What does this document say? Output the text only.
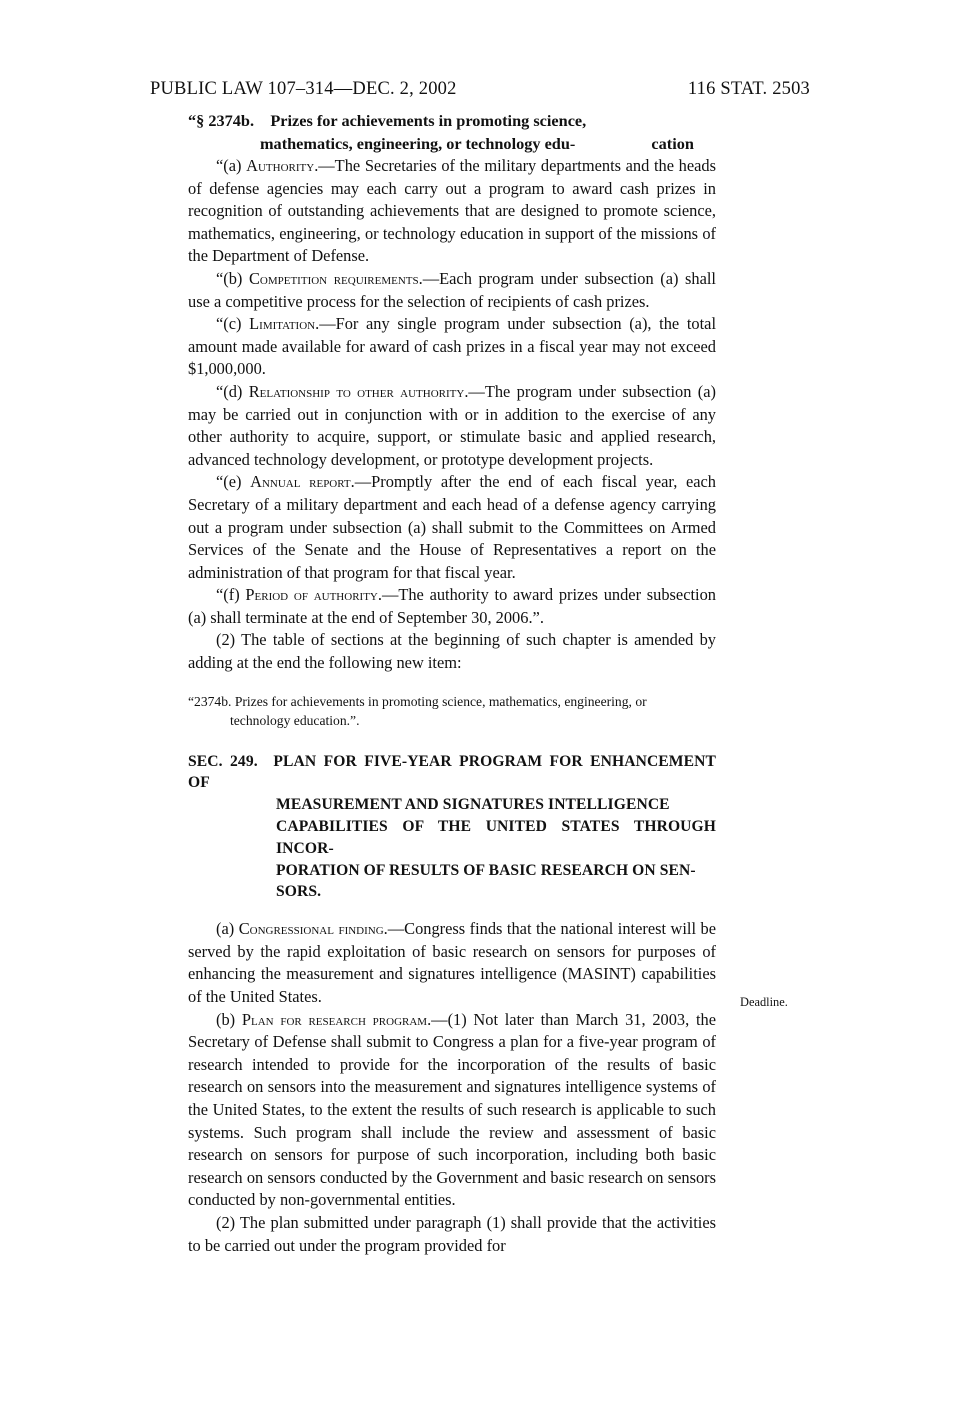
PUBLIC LAW 107–314—DEC. 2, 2002	116 STAT. 2503
“§ 2374b. Prizes for achievements in promoting science,
mathematics, engineering, or technology edu-	cation

“(a) Authority.—The Secretaries of the military departments and the heads of defense agencies may each carry out a program to award cash prizes in recognition of outstanding achievements that are designed to promote science, mathematics, engineering, or technology education in support of the missions of the Department of Defense.

“(b) Competition requirements.—Each program under subsection (a) shall use a competitive process for the selection of recipients of cash prizes.

“(c) Limitation.—For any single program under subsection (a), the total amount made available for award of cash prizes in a fiscal year may not exceed $1,000,000.

“(d) Relationship to other authority.—The program under subsection (a) may be carried out in conjunction with or in addition to the exercise of any other authority to acquire, support, or stimulate basic and applied research, advanced technology development, or prototype development projects.

“(e) Annual report.—Promptly after the end of each fiscal year, each Secretary of a military department and each head of a defense agency carrying out a program under subsection (a) shall submit to the Committees on Armed Services of the Senate and the House of Representatives a report on the administration of that program for that fiscal year.

“(f) Period of authority.—The authority to award prizes under subsection (a) shall terminate at the end of September 30, 2006.”.

(2) The table of sections at the beginning of such chapter is amended by adding at the end the following new item:

“2374b. Prizes for achievements in promoting science, mathematics, engineering, or
technology education.”.
SEC. 249. PLAN FOR FIVE-YEAR PROGRAM FOR ENHANCEMENT OF
MEASUREMENT AND SIGNATURES INTELLIGENCE
CAPABILITIES OF THE UNITED STATES THROUGH INCOR-
PORATION OF RESULTS OF BASIC RESEARCH ON SEN-
SORS.

(a) Congressional finding.—Congress finds that the national interest will be served by the rapid exploitation of basic research on sensors for purposes of enhancing the measurement and signatures intelligence (MASINT) capabilities of the United States.

(b) Plan for research program.—(1) Not later than March 31, 2003, the Secretary of Defense shall submit to Congress a plan for a five-year program of research intended to provide for the incorporation of the results of basic research on sensors into the measurement and signatures intelligence systems of the United States, to the extent the results of such research is applicable to such systems. Such program shall include the review and assessment of basic research on sensors for purpose of such incorporation, including both basic research on sensors conducted by the Government and basic research on sensors conducted by non-governmental entities.

(2) The plan submitted under paragraph (1) shall provide that the activities to be carried out under the program provided for

Deadline.
